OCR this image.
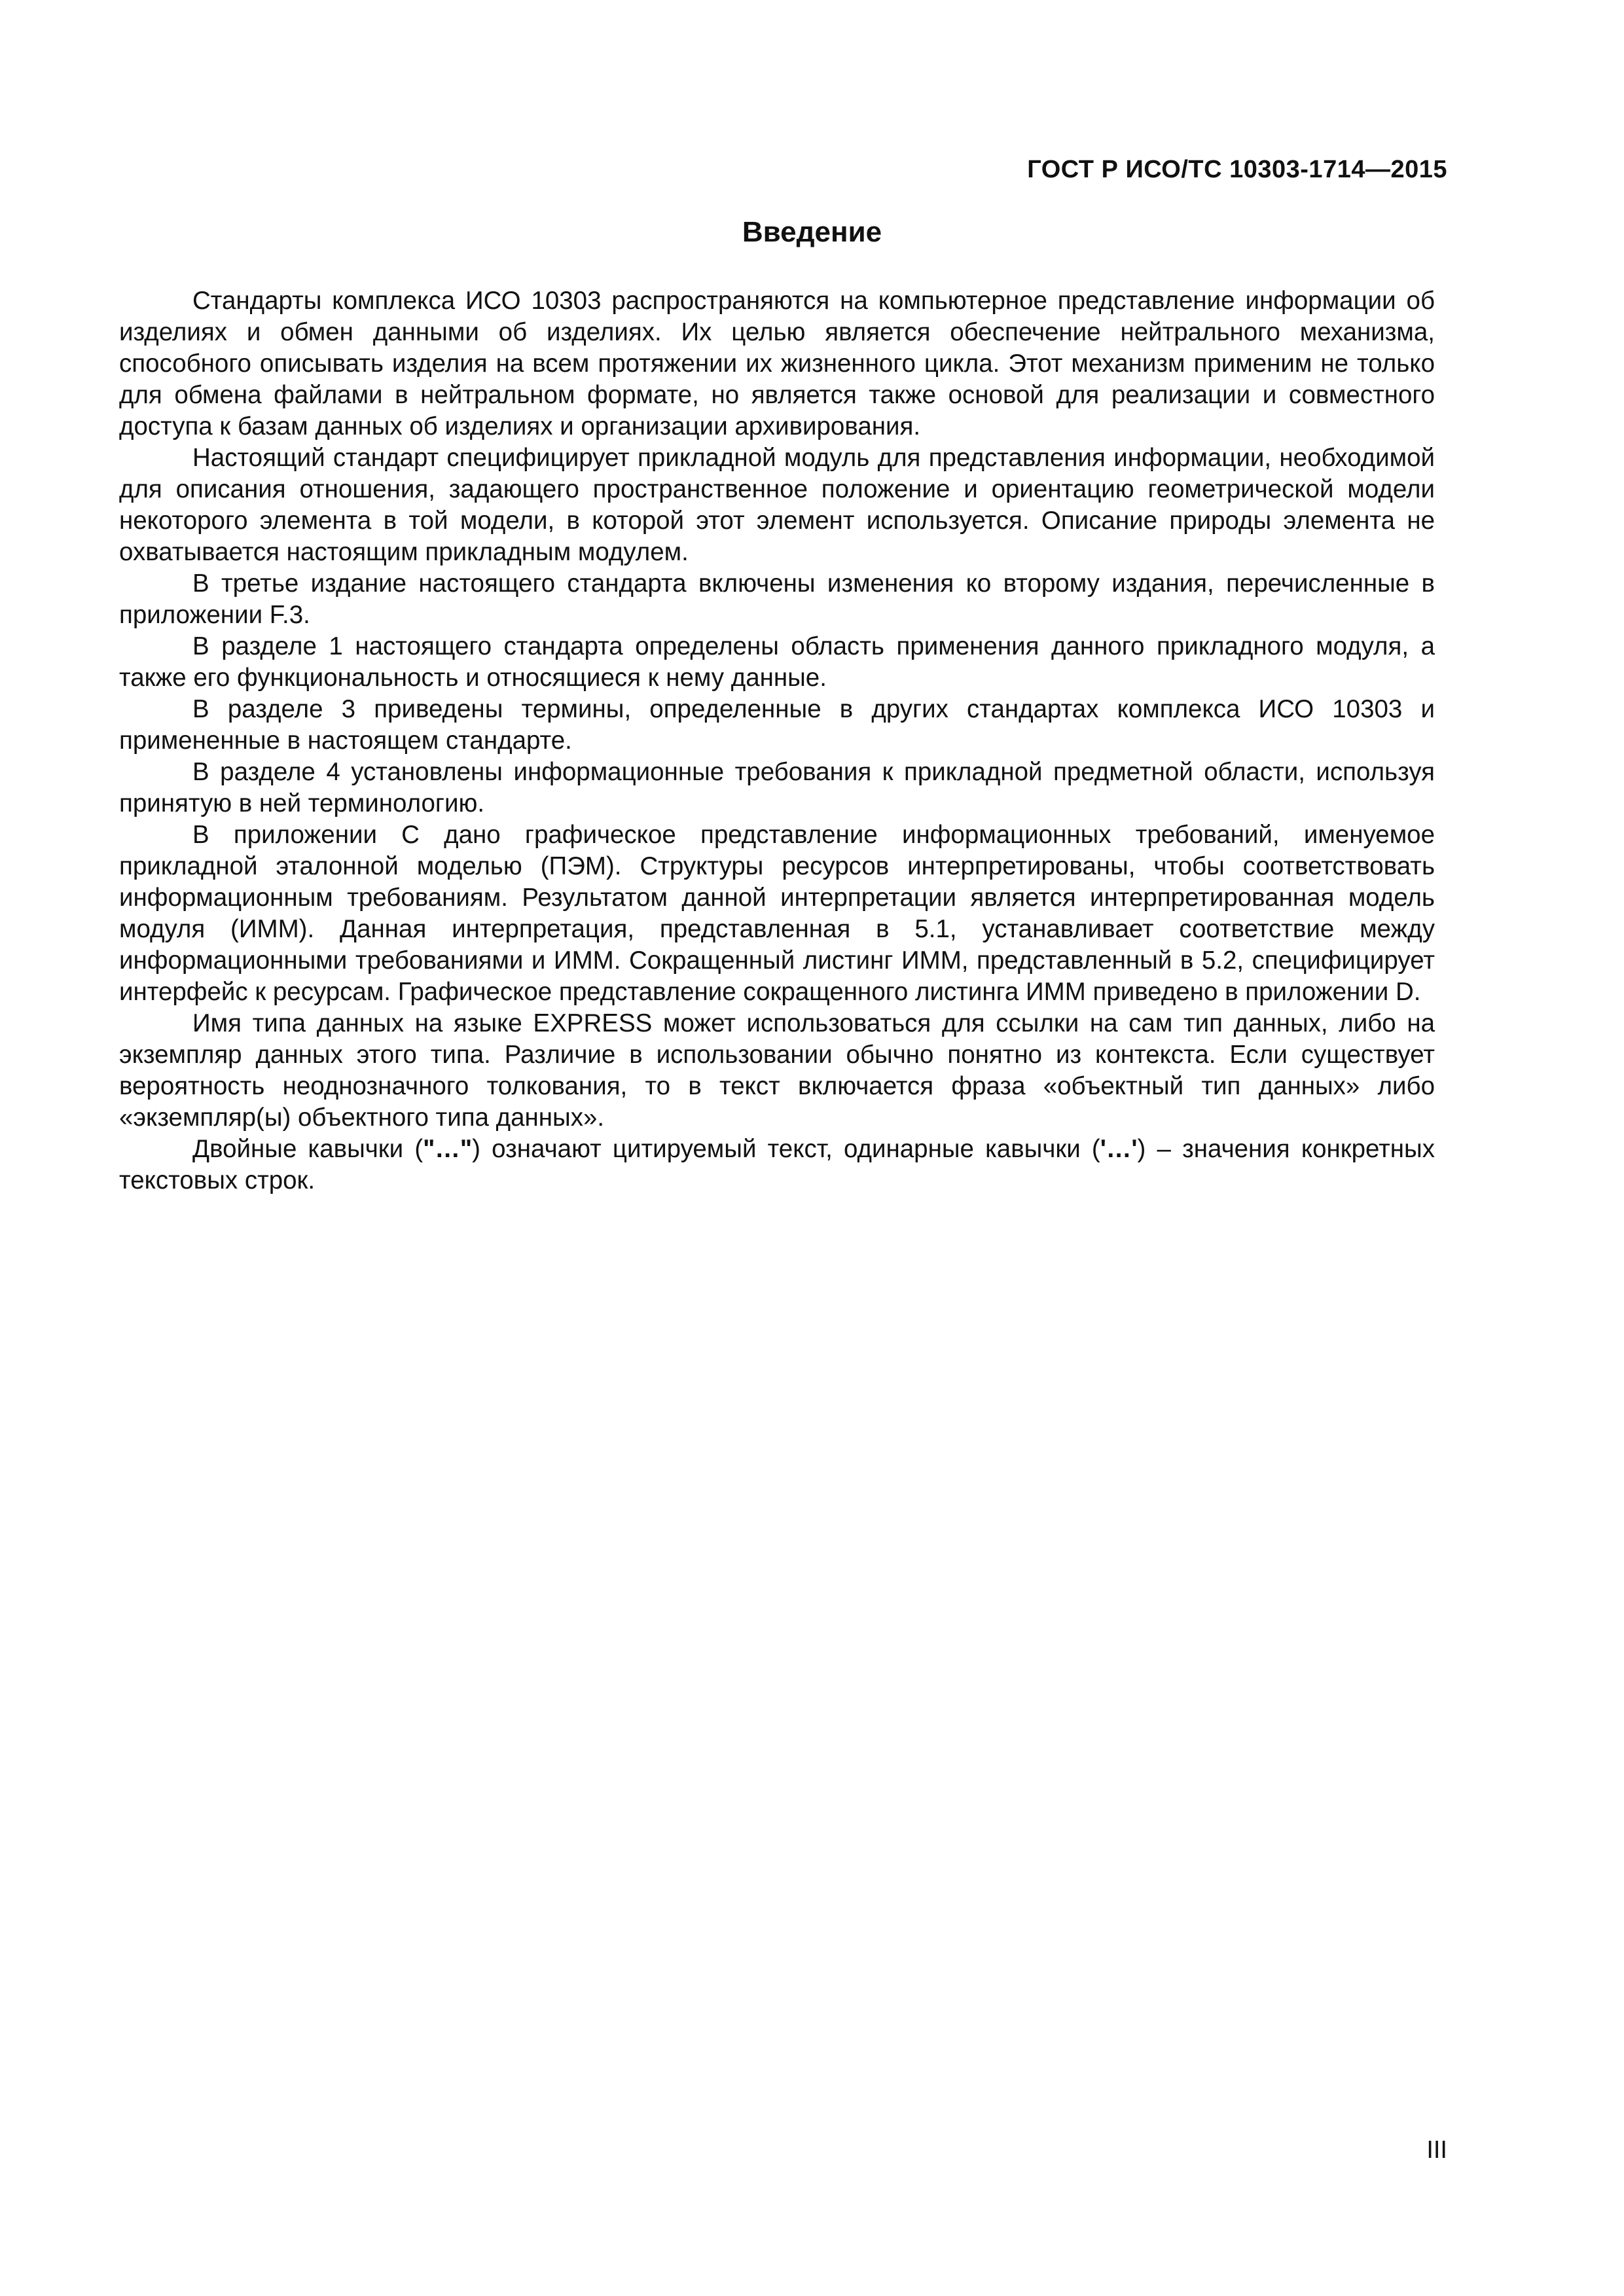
ГОСТ Р ИСО/ТС 10303-1714—2015
Введение

Стандарты комплекса ИСО 10303 распространяются на компьютерное представление информации об изделиях и обмен данными об изделиях. Их целью является обеспечение нейтрального механизма, способного описывать изделия на всем протяжении их жизненного цикла. Этот механизм применим не только для обмена файлами в нейтральном формате, но является также основой для реализации и совместного доступа к базам данных об изделиях и организации архивирования.

Настоящий стандарт специфицирует прикладной модуль для представления информации, необходимой для описания отношения, задающего пространственное положение и ориентацию геометрической модели некоторого элемента в той модели, в которой этот элемент используется. Описание природы элемента не охватывается настоящим прикладным модулем.

В третье издание настоящего стандарта включены изменения ко второму издания, перечисленные в приложении F.3.

В разделе 1 настоящего стандарта определены область применения данного прикладного модуля, а также его функциональность и относящиеся к нему данные.

В разделе 3 приведены термины, определенные в других стандартах комплекса ИСО 10303 и примененные в настоящем стандарте.

В разделе 4 установлены информационные требования к прикладной предметной области, используя принятую в ней терминологию.

В приложении С дано графическое представление информационных требований, именуемое прикладной эталонной моделью (ПЭМ). Структуры ресурсов интерпретированы, чтобы соответствовать информационным требованиям. Результатом данной интерпретации является интерпретированная модель модуля (ИММ). Данная интерпретация, представленная в 5.1, устанавливает соответствие между информационными требованиями и ИММ. Сокращенный листинг ИММ, представленный в 5.2, специфицирует интерфейс к ресурсам. Графическое представление сокращенного листинга ИММ приведено в приложении D.

Имя типа данных на языке EXPRESS может использоваться для ссылки на сам тип данных, либо на экземпляр данных этого типа. Различие в использовании обычно понятно из контекста. Если существует вероятность неоднозначного толкования, то в текст включается фраза «объектный тип данных» либо «экземпляр(ы) объектного типа данных».

Двойные кавычки ("…") означают цитируемый текст, одинарные кавычки ('…') – значения конкретных текстовых строк.

III
